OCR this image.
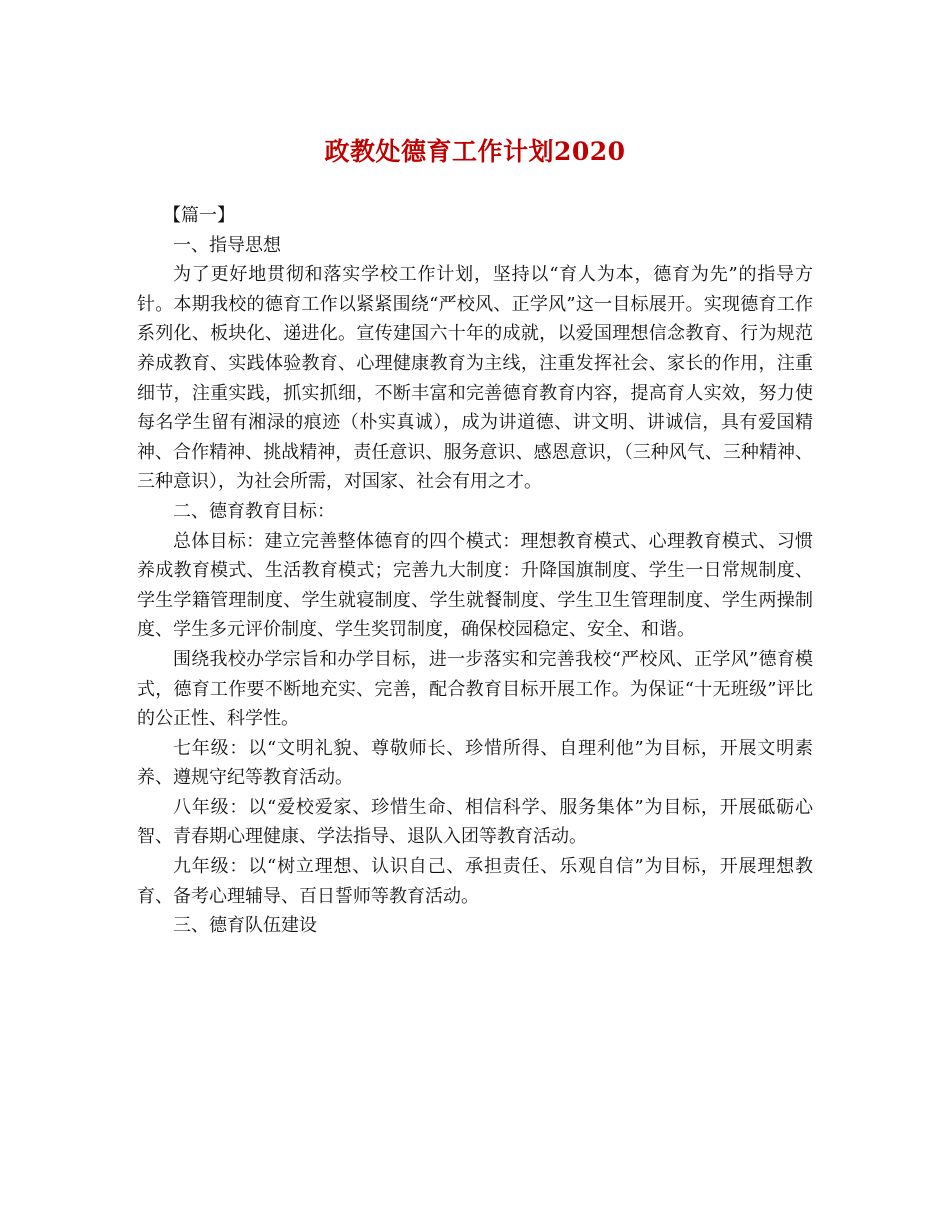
政教处德育工作计划2020

【篇一】

一、指导思想

为了更好地贯彻和落实学校工作计划，坚持以“育人为本，德育为先”的指导方针。本期我校的德育工作以紧紧围绕“严校风、正学风”这一目标展开。实现德育工作系列化、板块化、递进化。宣传建国六十年的成就，以爱国理想信念教育、行为规范养成教育、实践体验教育、心理健康教育为主线，注重发挥社会、家长的作用，注重细节，注重实践，抓实抓细，不断丰富和完善德育教育内容，提高育人实效，努力使每名学生留有湘渌的痕迹（朴实真诚），成为讲道德、讲文明、讲诚信，具有爱国精神、合作精神、挑战精神，责任意识、服务意识、感恩意识，（三种风气、三种精神、三种意识），为社会所需，对国家、社会有用之才。

二、德育教育目标：

总体目标：建立完善整体德育的四个模式：理想教育模式、心理教育模式、习惯养成教育模式、生活教育模式；完善九大制度：升降国旗制度、学生一日常规制度、学生学籍管理制度、学生就寝制度、学生就餐制度、学生卫生管理制度、学生两操制度、学生多元评价制度、学生奖罚制度，确保校园稳定、安全、和谐。

围绕我校办学宗旨和办学目标，进一步落实和完善我校“严校风、正学风”德育模式，德育工作要不断地充实、完善，配合教育目标开展工作。为保证“十无班级”评比的公正性、科学性。

七年级：以“文明礼貌、尊敬师长、珍惜所得、自理利他”为目标，开展文明素养、遵规守纪等教育活动。

八年级：以“爱校爱家、珍惜生命、相信科学、服务集体”为目标，开展砥砺心智、青春期心理健康、学法指导、退队入团等教育活动。

九年级：以“树立理想、认识自己、承担责任、乐观自信”为目标，开展理想教育、备考心理辅导、百日誓师等教育活动。

三、德育队伍建设
